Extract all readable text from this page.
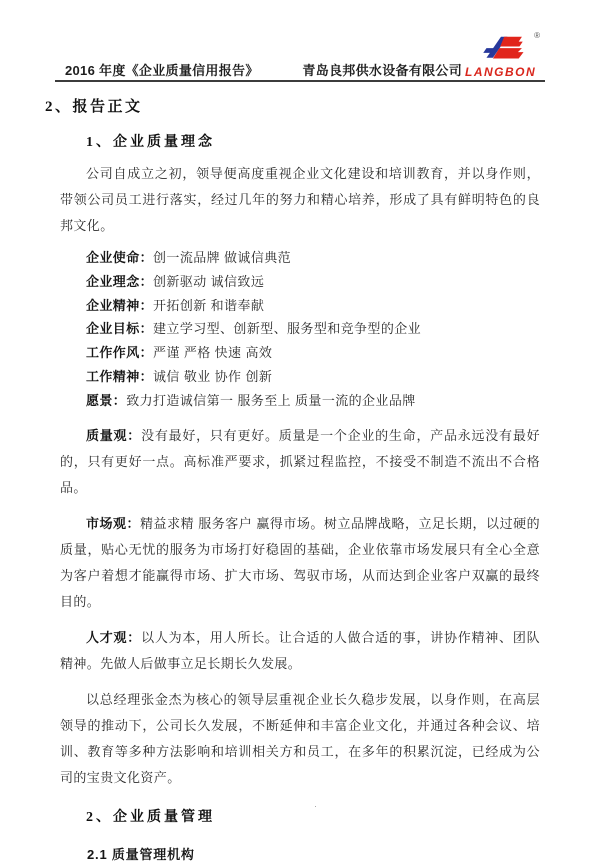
2016 年度《企业质量信用报告》	青岛良邦供水设备有限公司
®
LANGBON
2、报告正文
1、企业质量理念

公司自成立之初，领导便高度重视企业文化建设和培训教育，并以身作则，带领公司员工进行落实，经过几年的努力和精心培养，形成了具有鲜明特色的良邦文化。

企业使命：创一流品牌 做诚信典范
企业理念：创新驱动 诚信致远
企业精神：开拓创新 和谐奉献
企业目标：建立学习型、创新型、服务型和竞争型的企业
工作作风：严谨 严格 快速 高效
工作精神：诚信 敬业 协作 创新
愿景：致力打造诚信第一 服务至上 质量一流的企业品牌

质量观：没有最好，只有更好。质量是一个企业的生命，产品永远没有最好的，只有更好一点。高标准严要求，抓紧过程监控，不接受不制造不流出不合格品。

市场观：精益求精 服务客户 赢得市场。树立品牌战略，立足长期，以过硬的质量，贴心无忧的服务为市场打好稳固的基础，企业依靠市场发展只有全心全意为客户着想才能赢得市场、扩大市场、驾驭市场，从而达到企业客户双赢的最终目的。

人才观：以人为本，用人所长。让合适的人做合适的事，讲协作精神、团队精神。先做人后做事立足长期长久发展。

以总经理张金杰为核心的领导层重视企业长久稳步发展，以身作则，在高层领导的推动下，公司长久发展，不断延伸和丰富企业文化，并通过各种会议、培训、教育等多种方法影响和培训相关方和员工，在多年的积累沉淀，已经成为公司的宝贵文化资产。

2、企业质量管理
2.1 质量管理机构
·
